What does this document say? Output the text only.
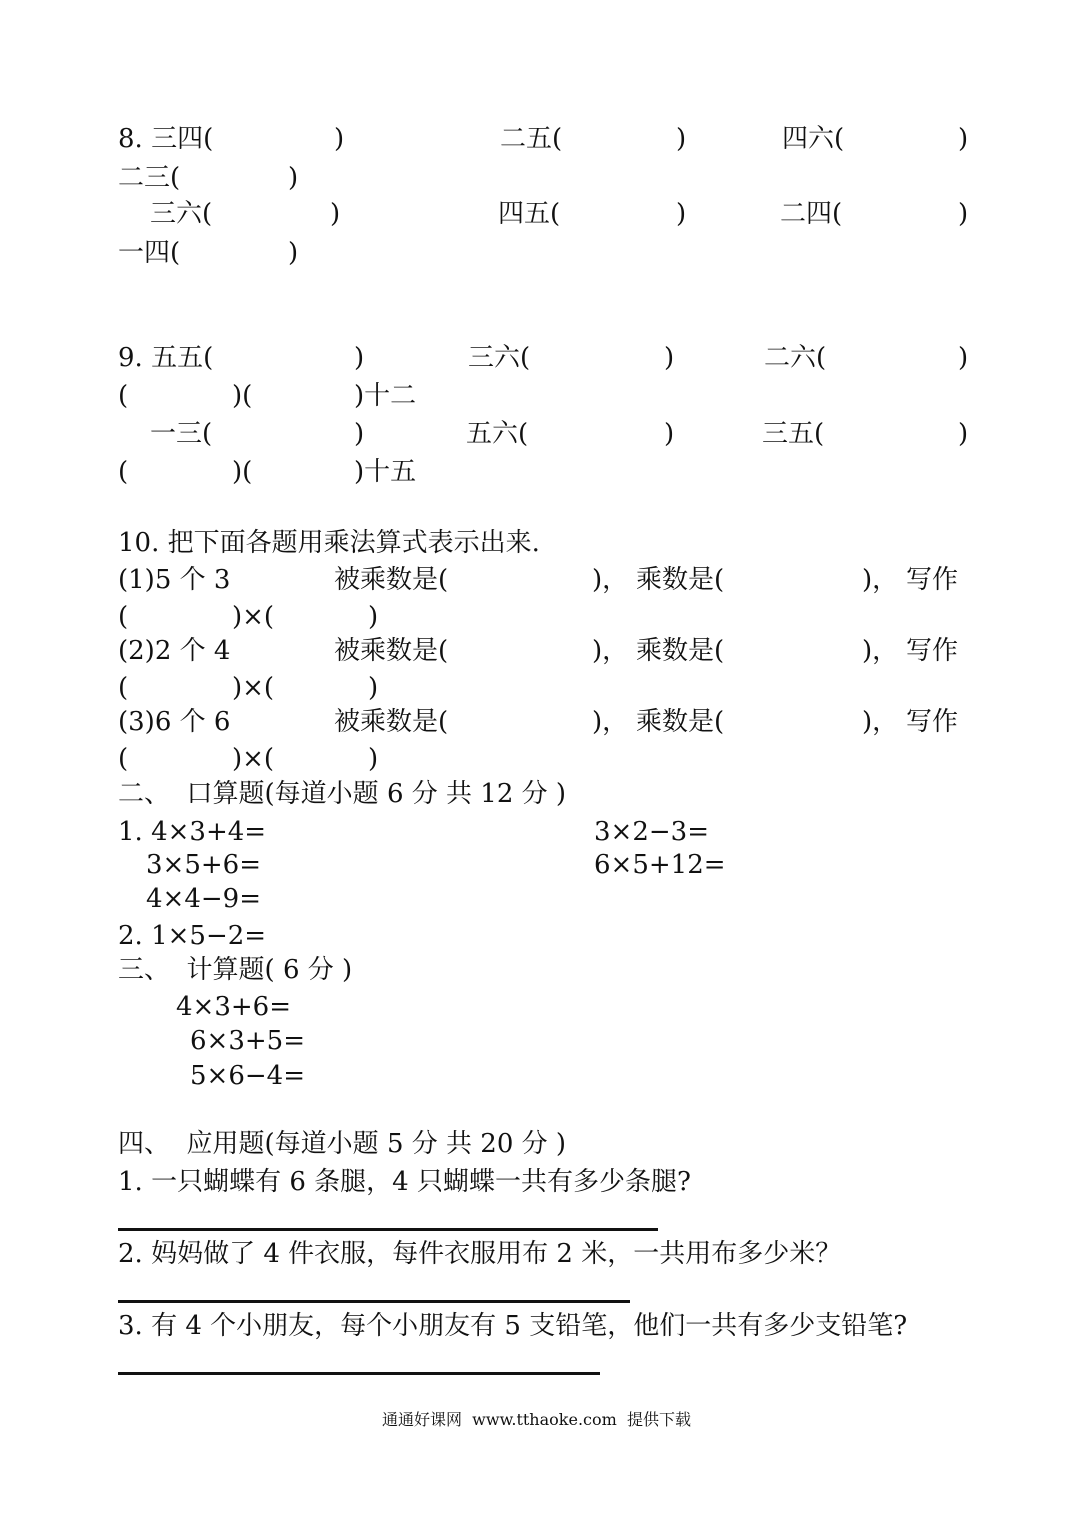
8. 三四(	)	二五(	)	四六(	)
二三(	)
三六(	)	四五(	)	二四(	)
一四(	)
9. 五五(	)	三六(	)	二六(	)
(	)(	)十二
一三(	)	五六(	)	三五(	)
(	)(	)十五
10. 把下面各题用乘法算式表示出来.
(1)5 个 3	被乘数是(	)， 乘数是(	)， 写作
(	)×(	)
(2)2 个 4	被乘数是(	)， 乘数是(	)， 写作
(	)×(	)
(3)6 个 6	被乘数是(	)， 乘数是(	)， 写作
(	)×(	)
二、  口算题(每道小题 6 分 共 12 分 )
1. 4×3+4=	3×2−3=
3×5+6=	6×5+12=
4×4−9=
2. 1×5−2=
三、  计算题( 6 分 )
4×3+6=
6×3+5=
5×6−4=
四、  应用题(每道小题 5 分 共 20 分 )
1. 一只蝴蝶有 6 条腿，4 只蝴蝶一共有多少条腿?
2. 妈妈做了 4 件衣服，每件衣服用布 2 米，一共用布多少米？
3. 有 4 个小朋友，每个小朋友有 5 支铅笔，他们一共有多少支铅笔?
通通好课网  www.tthaoke.com  提供下载
